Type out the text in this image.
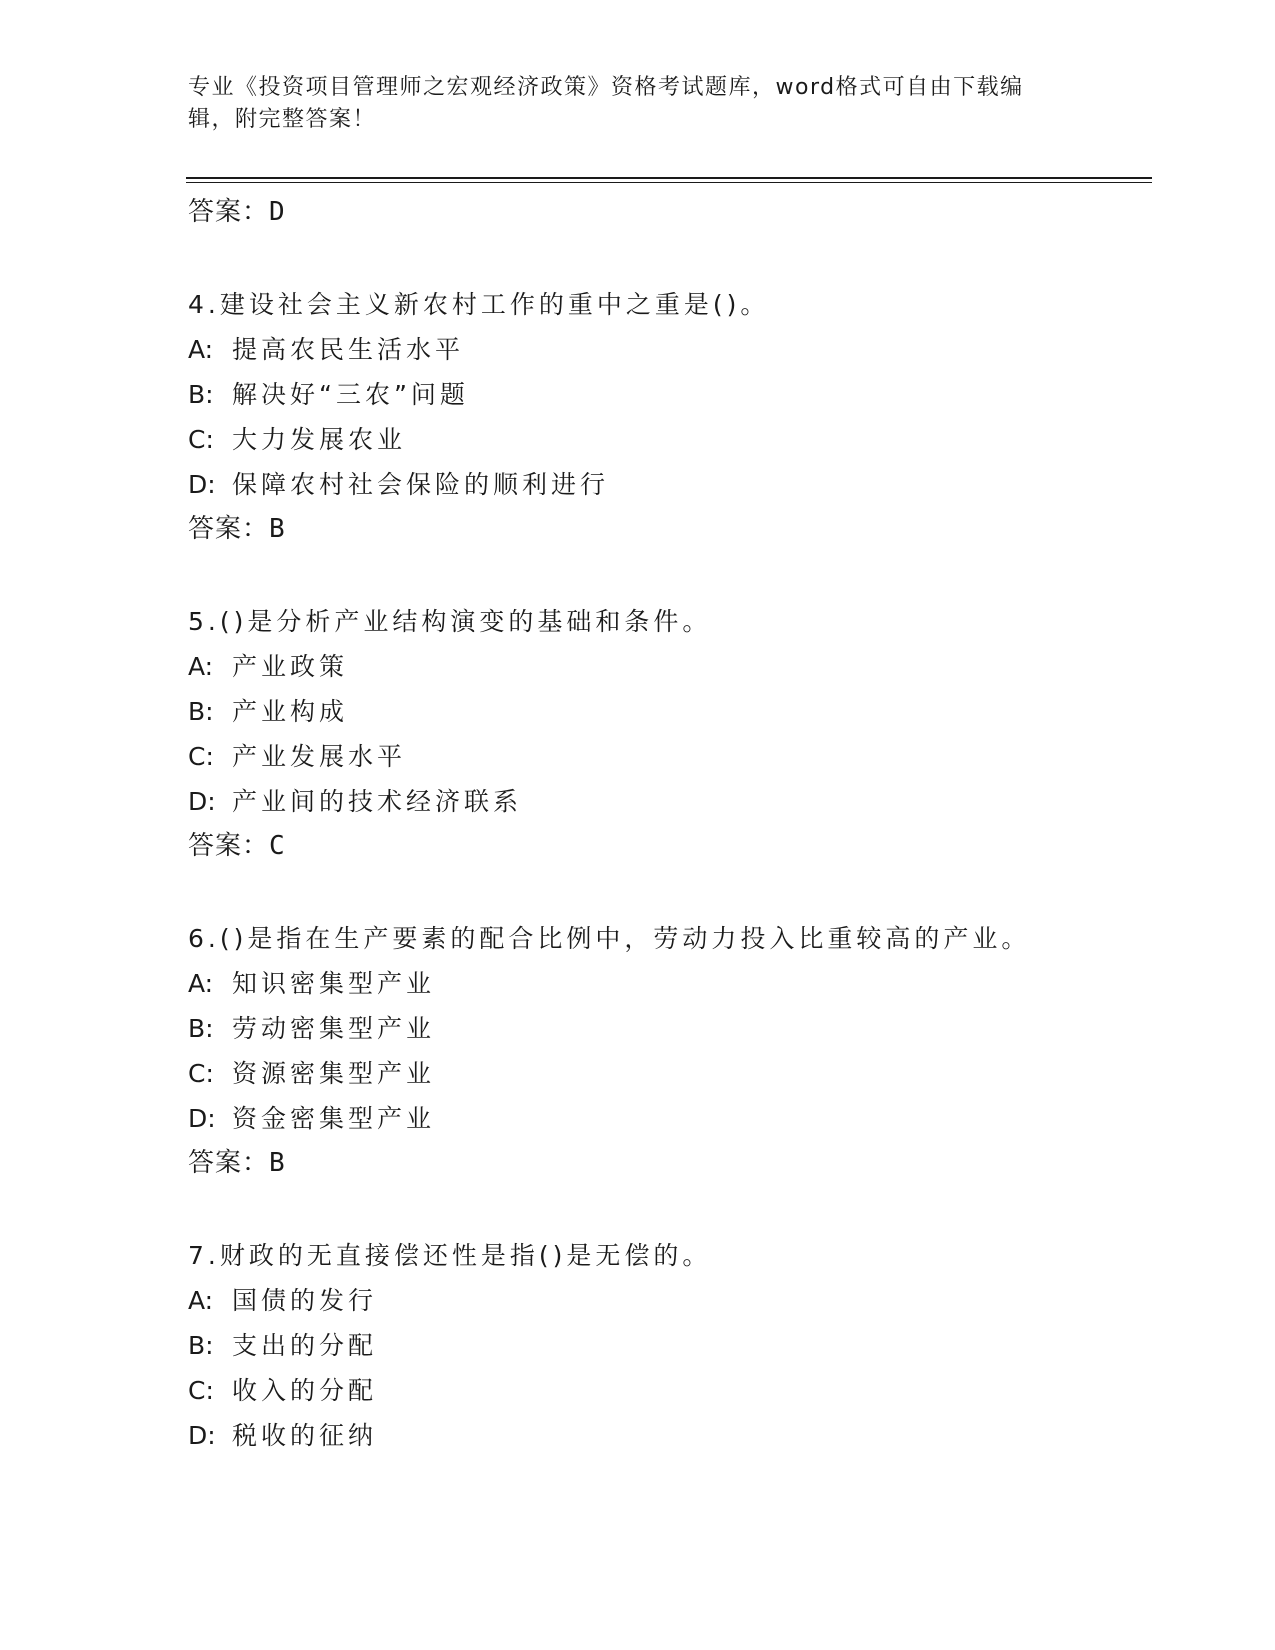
专业《投资项目管理师之宏观经济政策》资格考试题库，word格式可自由下载编
辑，附完整答案！
答案：D
4.建设社会主义新农村工作的重中之重是()。
A: 提高农民生活水平
B: 解决好“三农”问题
C: 大力发展农业
D: 保障农村社会保险的顺利进行
答案：B
5.()是分析产业结构演变的基础和条件。
A: 产业政策
B: 产业构成
C: 产业发展水平
D: 产业间的技术经济联系
答案：C
6.()是指在生产要素的配合比例中，劳动力投入比重较高的产业。
A: 知识密集型产业
B: 劳动密集型产业
C: 资源密集型产业
D: 资金密集型产业
答案：B
7.财政的无直接偿还性是指()是无偿的。
A: 国债的发行
B: 支出的分配
C: 收入的分配
D: 税收的征纳
